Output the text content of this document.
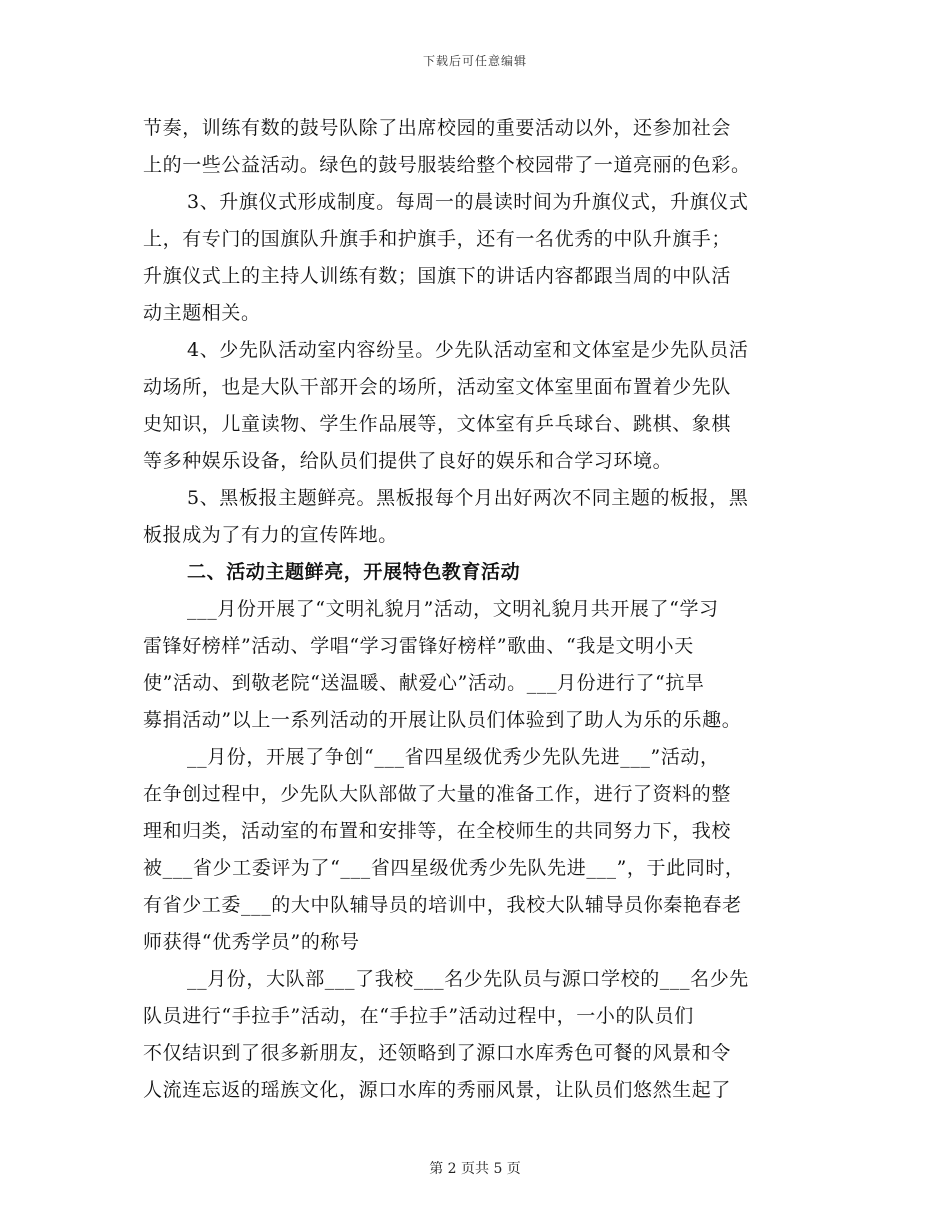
下载后可任意编辑
节奏，训练有数的鼓号队除了出席校园的重要活动以外，还参加社会
上的一些公益活动。绿色的鼓号服装给整个校园带了一道亮丽的色彩。
3、升旗仪式形成制度。每周一的晨读时间为升旗仪式，升旗仪式
上，有专门的国旗队升旗手和护旗手，还有一名优秀的中队升旗手；
升旗仪式上的主持人训练有数；国旗下的讲话内容都跟当周的中队活
动主题相关。
4、少先队活动室内容纷呈。少先队活动室和文体室是少先队员活
动场所，也是大队干部开会的场所，活动室文体室里面布置着少先队
史知识，儿童读物、学生作品展等，文体室有乒乓球台、跳棋、象棋
等多种娱乐设备，给队员们提供了良好的娱乐和合学习环境。
5、黑板报主题鲜亮。黑板报每个月出好两次不同主题的板报，黑
板报成为了有力的宣传阵地。
二、活动主题鲜亮，开展特色教育活动
___月份开展了“文明礼貌月”活动，文明礼貌月共开展了“学习
雷锋好榜样”活动、学唱“学习雷锋好榜样”歌曲、“我是文明小天
使”活动、到敬老院“送温暖、献爱心”活动。___月份进行了“抗旱
募捐活动”以上一系列活动的开展让队员们体验到了助人为乐的乐趣。
__月份，开展了争创“___省四星级优秀少先队先进___”活动，
在争创过程中，少先队大队部做了大量的准备工作，进行了资料的整
理和归类，活动室的布置和安排等，在全校师生的共同努力下，我校
被___省少工委评为了“___省四星级优秀少先队先进___”，于此同时，
有省少工委___的大中队辅导员的培训中，我校大队辅导员你秦艳春老
师获得“优秀学员”的称号
__月份，大队部___了我校___名少先队员与源口学校的___名少先
队员进行“手拉手”活动，在“手拉手”活动过程中，一小的队员们
不仅结识到了很多新朋友，还领略到了源口水库秀色可餐的风景和令
人流连忘返的瑶族文化，源口水库的秀丽风景，让队员们悠然生起了
第 2 页共 5 页
